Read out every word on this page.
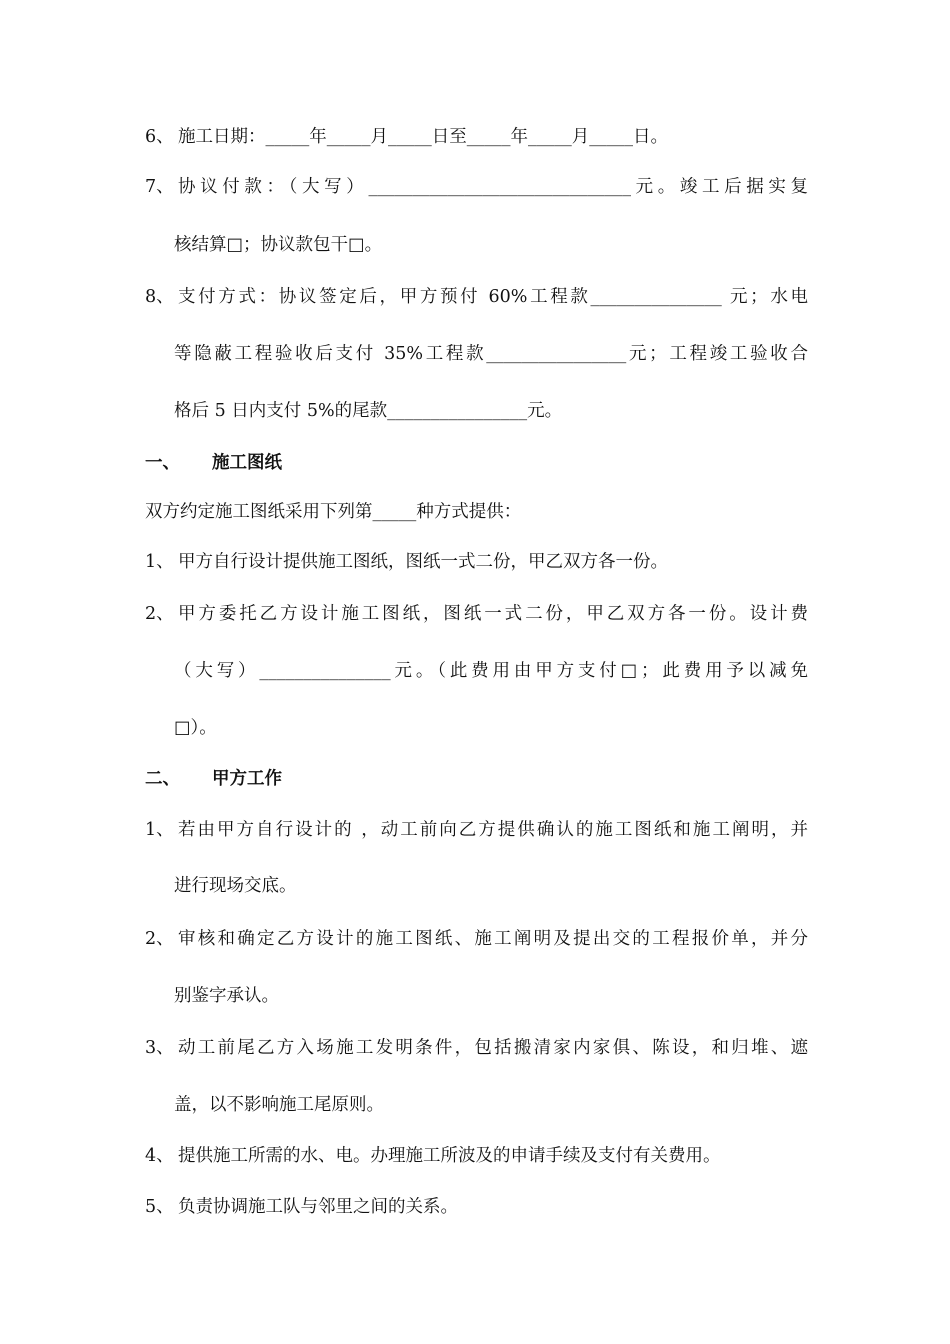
6、 施工日期：_____年_____月_____日至_____年_____月_____日。
7、 协议付款：（大写）______________________________元。竣工后据实复
核结算□；协议款包干□。
8、 支付方式：协议签定后，甲方预付 60%工程款_______________ 元；水电
等隐蔽工程验收后支付 35%工程款________________元；工程竣工验收合
格后 5 日内支付 5%的尾款________________元。
一、 施工图纸
双方约定施工图纸采用下列第_____种方式提供：
1、 甲方自行设计提供施工图纸，图纸一式二份，甲乙双方各一份。
2、 甲方委托乙方设计施工图纸，图纸一式二份，甲乙双方各一份。设计费
（大写）_______________元。（此费用由甲方支付□；此费用予以减免
□）。
二、 甲方工作
1、 若由甲方自行设计的 ，动工前向乙方提供确认的施工图纸和施工阐明，并
进行现场交底。
2、 审核和确定乙方设计的施工图纸、施工阐明及提出交的工程报价单，并分
别鉴字承认。
3、 动工前尾乙方入场施工发明条件，包括搬清家内家俱、陈设，和归堆、遮
盖，以不影响施工尾原则。
4、 提供施工所需的水、电。办理施工所波及的申请手续及支付有关费用。
5、 负责协调施工队与邻里之间的关系。
